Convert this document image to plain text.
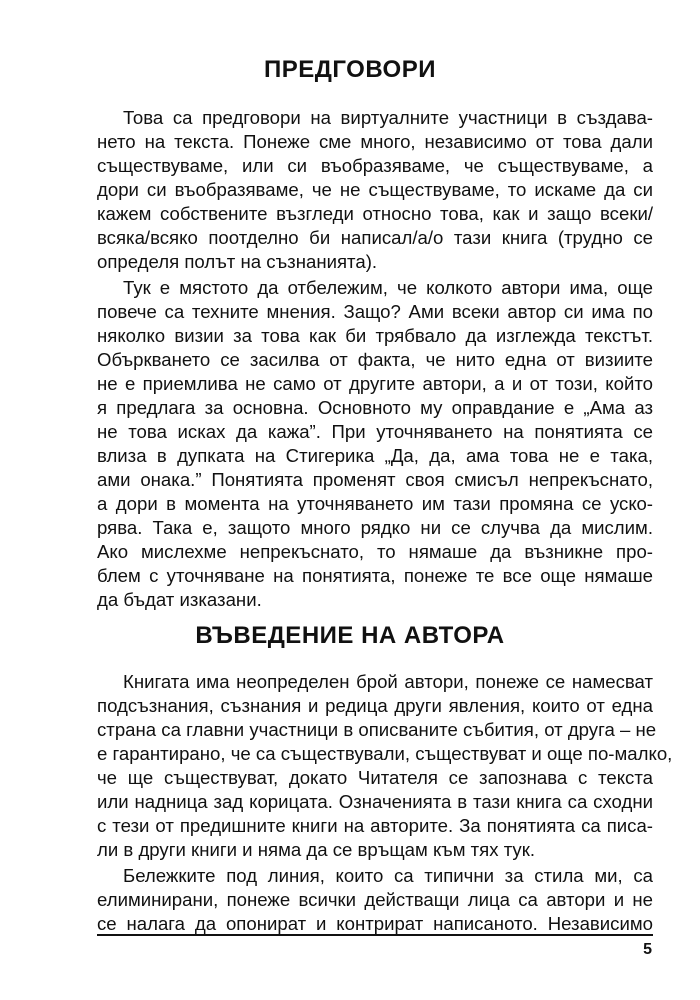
ПРЕДГОВОРИ

Това са предговори на виртуалните участници в създава-

нето на текста. Понеже сме много, независимо от това дали

съществуваме, или си въобразяваме, че съществуваме, а

дори си въобразяваме, че не съществуваме, то искаме да си

кажем собствените възгледи относно това, как и защо всеки/

всяка/всяко поотделно би написал/а/о тази книга (трудно се

определя полът на съзнанията).

Тук е мястото да отбележим, че колкото автори има, още

повече са техните мнения. Защо? Ами всеки автор си има по

няколко визии за това как би трябвало да изглежда текстът.

Объркването се засилва от факта, че нито една от визиите

не е приемлива не само от другите автори, а и от този, който

я предлага за основна. Основното му оправдание е „Ама аз

не това исках да кажа”. При уточняването на понятията се

влиза в дупката на Стигерика „Да, да, ама това не е така,

ами онака.” Понятията променят своя смисъл непрекъснато,

а дори в момента на уточняването им тази промяна се ускo-

рява. Така е, защото много рядко ни се случва да мислим.

Ако мислехме непрекъснато, то нямаше да възникне про-

блем с уточняване на понятията, понеже те все още нямаше

да бъдат изказани.

ВЪВЕДЕНИЕ НА АВТОРА

Книгата има неопределен брой автори, понеже се намесват

подсъзнания, съзнания и редица други явления, които от една

страна са главни участници в описваните събития, от друга – не

е гарантирано, че са съществували, съществуват и още по-малко,

че ще съществуват, докато Читателя се запознава с текста

или надница зад корицата. Означенията в тази книга са сходни

с тези от предишните книги на авторите. За понятията са писа-

ли в други книги и няма да се връщам към тях тук.

Бележките под линия, които са типични за стила ми, са

елиминирани, понеже всички действащи лица са автори и не

се налага да опонират и контрират написаното. Независимо

5
